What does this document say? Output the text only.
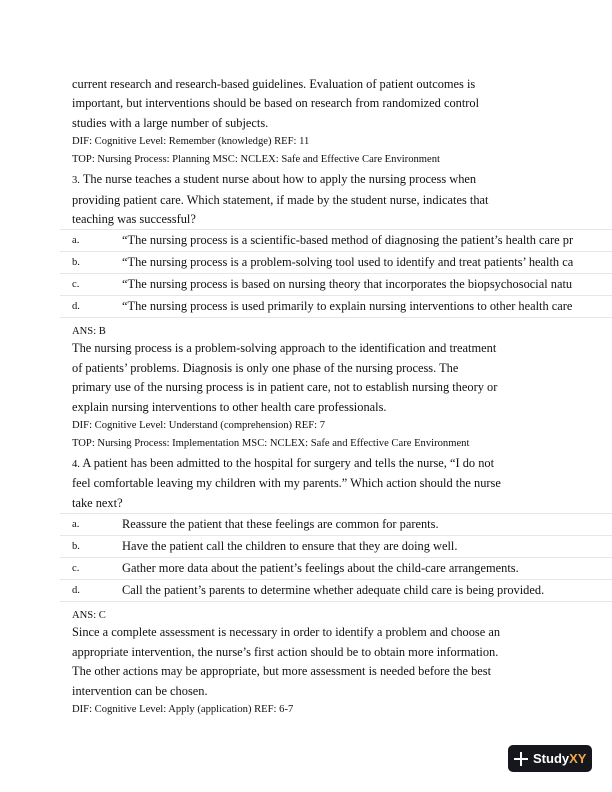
current research and research-based guidelines. Evaluation of patient outcomes is

important, but interventions should be based on research from randomized control

studies with a large number of subjects.

DIF: Cognitive Level: Remember (knowledge) REF: 11
TOP: Nursing Process: Planning MSC: NCLEX: Safe and Effective Care Environment

3. The nurse teaches a student nurse about how to apply the nursing process when

providing patient care. Which statement, if made by the student nurse, indicates that

teaching was successful?

a.	“The nursing process is a scientific-based method of diagnosing the patient’s health care pr
b.	“The nursing process is a problem-solving tool used to identify and treat patients’ health ca
c.	“The nursing process is based on nursing theory that incorporates the biopsychosocial natu
d.	“The nursing process is used primarily to explain nursing interventions to other health care
ANS: B

The nursing process is a problem-solving approach to the identification and treatment

of patients’ problems. Diagnosis is only one phase of the nursing process. The

primary use of the nursing process is in patient care, not to establish nursing theory or

explain nursing interventions to other health care professionals.

DIF: Cognitive Level: Understand (comprehension) REF: 7
TOP: Nursing Process: Implementation MSC: NCLEX: Safe and Effective Care Environment

4. A patient has been admitted to the hospital for surgery and tells the nurse, “I do not

feel comfortable leaving my children with my parents.” Which action should the nurse

take next?

a.	Reassure the patient that these feelings are common for parents.
b.	Have the patient call the children to ensure that they are doing well.
c.	Gather more data about the patient’s feelings about the child-care arrangements.
d.	Call the patient’s parents to determine whether adequate child care is being provided.
ANS: C

Since a complete assessment is necessary in order to identify a problem and choose an

appropriate intervention, the nurse’s first action should be to obtain more information.

The other actions may be appropriate, but more assessment is needed before the best

intervention can be chosen.

DIF: Cognitive Level: Apply (application) REF: 6-7
Study XY
